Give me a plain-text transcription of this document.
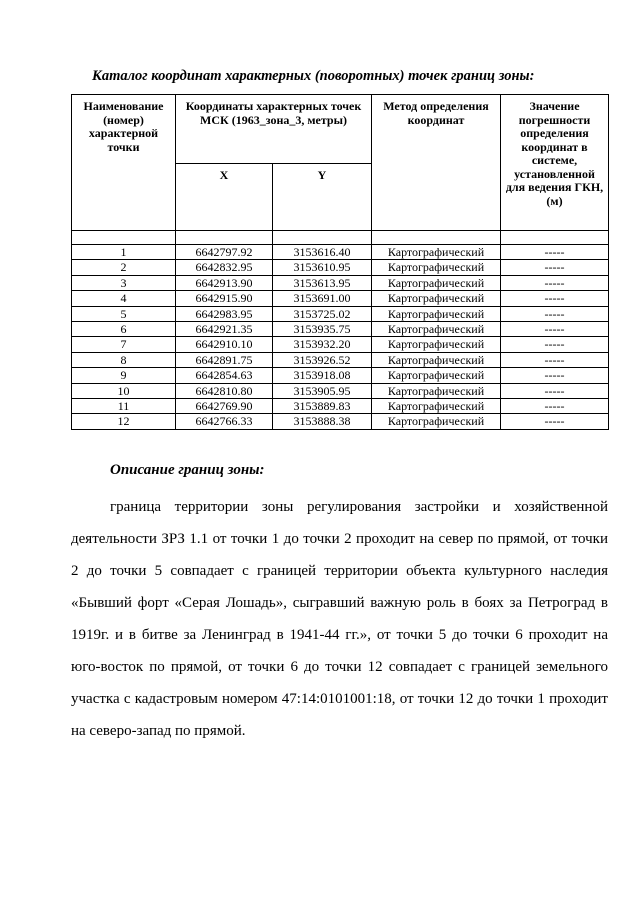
Каталог координат характерных (поворотных) точек границ зоны:
Наименование (номер) характерной точки	Координаты характерных точек МСК (1963_зона_3, метры)		Метод определения координат	Значение погрешности определения координат в системе, установленной для ведения ГКН, (м)
	X	Y		

1	6642797.92	3153616.40	Картографический	-----
2	6642832.95	3153610.95	Картографический	-----
3	6642913.90	3153613.95	Картографический	-----
4	6642915.90	3153691.00	Картографический	-----
5	6642983.95	3153725.02	Картографический	-----
6	6642921.35	3153935.75	Картографический	-----
7	6642910.10	3153932.20	Картографический	-----
8	6642891.75	3153926.52	Картографический	-----
9	6642854.63	3153918.08	Картографический	-----
10	6642810.80	3153905.95	Картографический	-----
11	6642769.90	3153889.83	Картографический	-----
12	6642766.33	3153888.38	Картографический	-----
Описание границ зоны:

граница территории зоны регулирования застройки и хозяйственной
деятельности ЗРЗ 1.1 от точки 1 до точки 2 проходит на север по прямой, от точки
2 до точки 5 совпадает с границей территории объекта культурного наследия
«Бывший форт «Серая Лошадь», сыгравший важную роль в боях за Петроград в
1919г. и в битве за Ленинград в 1941-44 гг.», от точки 5 до точки 6 проходит на
юго-восток по прямой, от точки 6 до точки 12 совпадает с границей земельного
участка с кадастровым номером 47:14:0101001:18, от точки 12 до точки 1 проходит
на северо-запад по прямой.
